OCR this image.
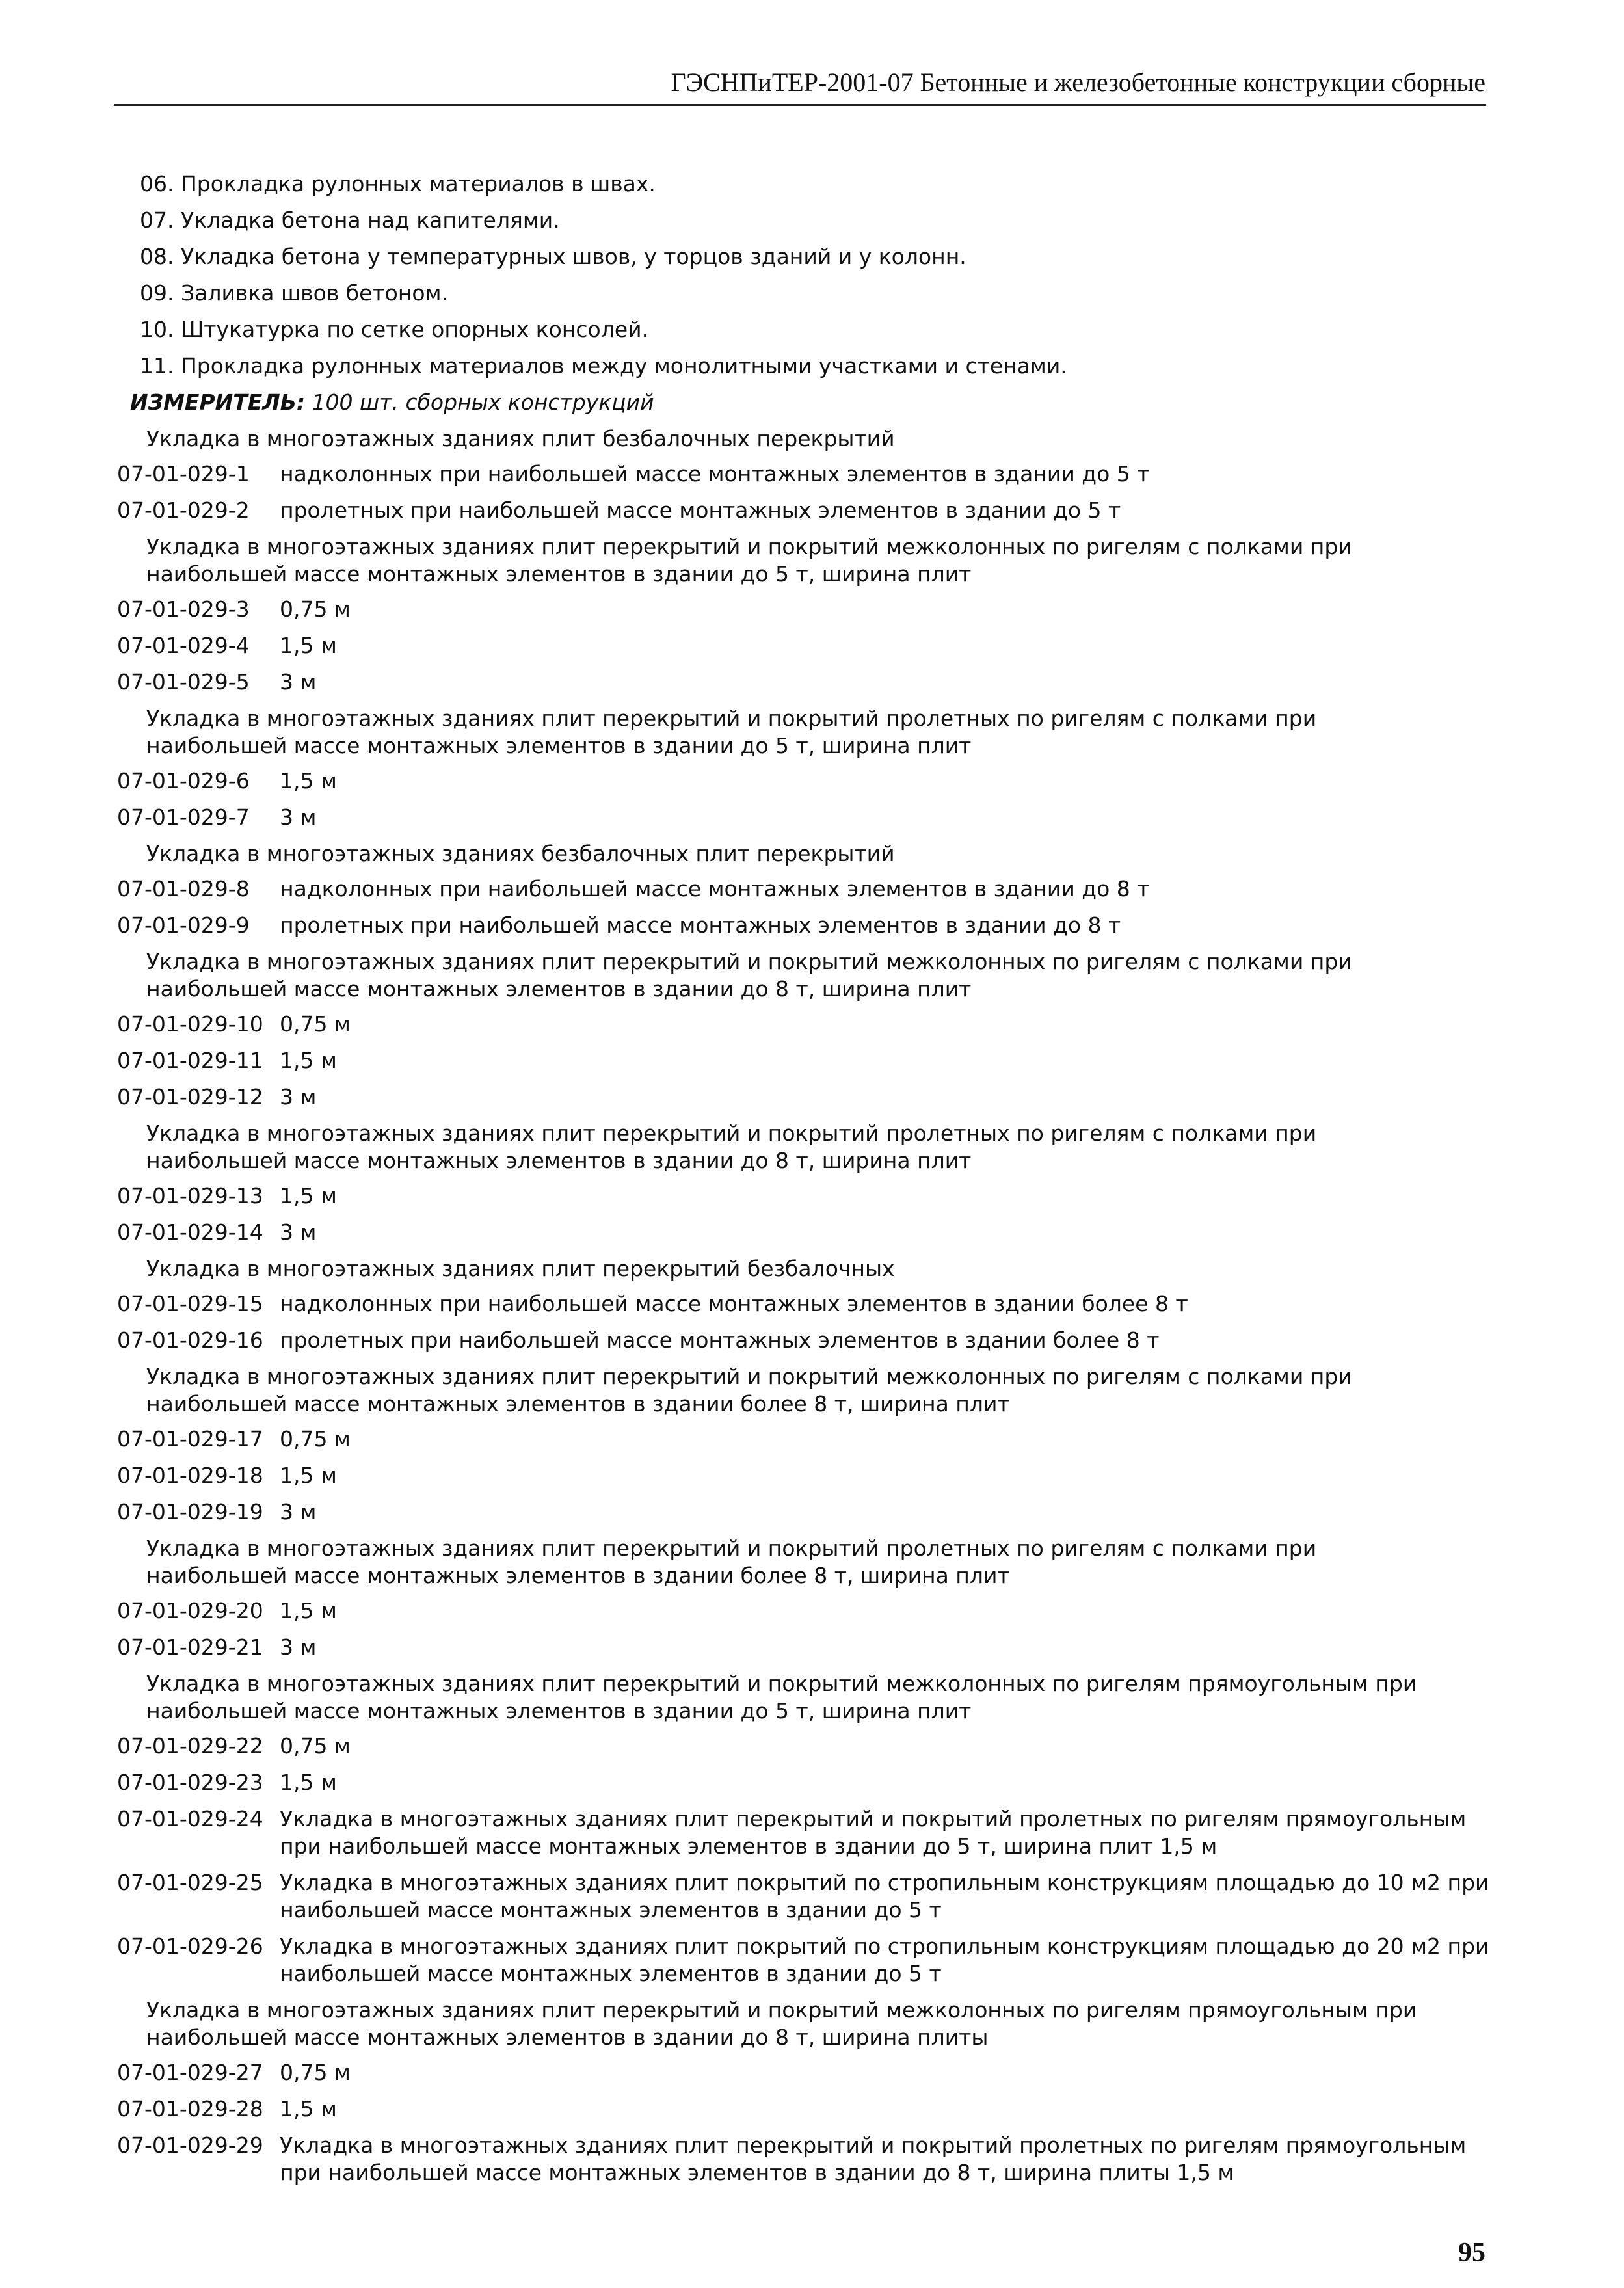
ГЭСНПиТЕР-2001-07 Бетонные и железобетонные конструкции сборные
06. Прокладка рулонных материалов в швах.
07. Укладка бетона над капителями.
08. Укладка бетона у температурных швов, у торцов зданий и у колонн.
09. Заливка швов бетоном.
10. Штукатурка по сетке опорных консолей.
11. Прокладка рулонных материалов между монолитными участками и стенами.
ИЗМЕРИТЕЛЬ: 100 шт. сборных конструкций
Укладка в многоэтажных зданиях плит безбалочных перекрытий
07-01-029-1	надколонных при наибольшей массе монтажных элементов в здании до 5 т
07-01-029-2	пролетных при наибольшей массе монтажных элементов в здании до 5 т
Укладка в многоэтажных зданиях плит перекрытий и покрытий межколонных по ригелям с полками при наибольшей массе монтажных элементов в здании до 5 т, ширина плит
07-01-029-3	0,75 м
07-01-029-4	1,5 м
07-01-029-5	3 м
Укладка в многоэтажных зданиях плит перекрытий и покрытий пролетных по ригелям с полками при наибольшей массе монтажных элементов в здании до 5 т, ширина плит
07-01-029-6	1,5 м
07-01-029-7	3 м
Укладка в многоэтажных зданиях безбалочных плит перекрытий
07-01-029-8	надколонных при наибольшей массе монтажных элементов в здании до 8 т
07-01-029-9	пролетных при наибольшей массе монтажных элементов в здании до 8 т
Укладка в многоэтажных зданиях плит перекрытий и покрытий межколонных по ригелям с полками при наибольшей массе монтажных элементов в здании до 8 т, ширина плит
07-01-029-10 0,75 м
07-01-029-11 1,5 м
07-01-029-12 3 м
Укладка в многоэтажных зданиях плит перекрытий и покрытий пролетных по ригелям с полками при наибольшей массе монтажных элементов в здании до 8 т, ширина плит
07-01-029-13 1,5 м
07-01-029-14 3 м
Укладка в многоэтажных зданиях плит перекрытий безбалочных
07-01-029-15 надколонных при наибольшей массе монтажных элементов в здании более 8 т
07-01-029-16 пролетных при наибольшей массе монтажных элементов в здании более 8 т
Укладка в многоэтажных зданиях плит перекрытий и покрытий межколонных по ригелям с полками при наибольшей массе монтажных элементов в здании более 8 т, ширина плит
07-01-029-17 0,75 м
07-01-029-18 1,5 м
07-01-029-19 3 м
Укладка в многоэтажных зданиях плит перекрытий и покрытий пролетных по ригелям с полками при наибольшей массе монтажных элементов в здании более 8 т, ширина плит
07-01-029-20 1,5 м
07-01-029-21 3 м
Укладка в многоэтажных зданиях плит перекрытий и покрытий межколонных по ригелям прямоугольным при наибольшей массе монтажных элементов в здании до 5 т, ширина плит
07-01-029-22 0,75 м
07-01-029-23 1,5 м
07-01-029-24 Укладка в многоэтажных зданиях плит перекрытий и покрытий пролетных по ригелям прямоугольным при наибольшей массе монтажных элементов в здании до 5 т, ширина плит 1,5 м
07-01-029-25 Укладка в многоэтажных зданиях плит покрытий по стропильным конструкциям площадью до 10 м2 при наибольшей массе монтажных элементов в здании до 5 т
07-01-029-26 Укладка в многоэтажных зданиях плит покрытий по стропильным конструкциям площадью до 20 м2 при наибольшей массе монтажных элементов в здании до 5 т
Укладка в многоэтажных зданиях плит перекрытий и покрытий межколонных по ригелям прямоугольным при наибольшей массе монтажных элементов в здании до 8 т, ширина плиты
07-01-029-27 0,75 м
07-01-029-28 1,5 м
07-01-029-29 Укладка в многоэтажных зданиях плит перекрытий и покрытий пролетных по ригелям прямоугольным при наибольшей массе монтажных элементов в здании до 8 т, ширина плиты 1,5 м
95
